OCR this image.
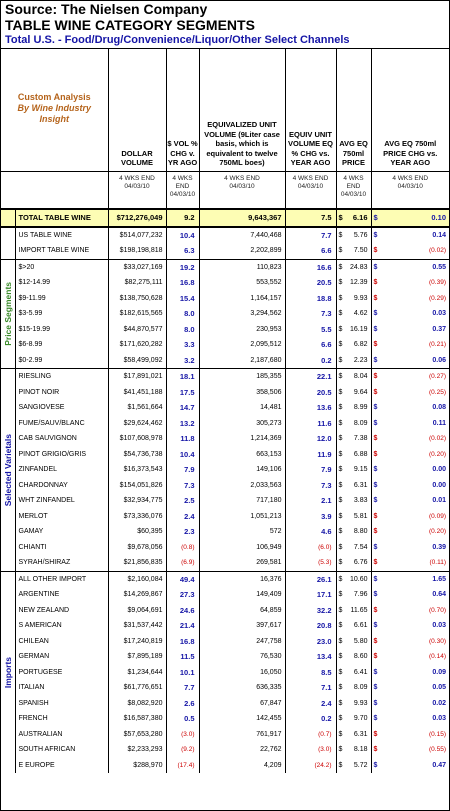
Source: The Nielsen Company
TABLE WINE CATEGORY SEGMENTS
Total U.S. - Food/Drug/Convenience/Liquor/Other Select Channels
Custom Analysis
By Wine Industry
Insight		DOLLAR VOLUME	$ VOL % CHG v. YR AGO	EQUIVALIZED UNIT VOLUME (9Liter case basis, which is equivalent to twelve 750ML boes)	EQUIV UNIT VOLUME EQ % CHG vs. YEAR AGO	AVG EQ 750ml PRICE	AVG EQ 750ml PRICE CHG vs. YEAR AGO

		4 WKS END 04/03/10	4 WKS END 04/03/10	4 WKS END 04/03/10	4 WKS END 04/03/10	4 WKS END 04/03/10	4 WKS END 04/03/10

	TOTAL TABLE WINE	$712,276,049	9.2	9,643,367	7.5	$ 6.16	$ 0.10

	US TABLE WINE	$514,077,232	10.4	7,440,468	7.7	$ 5.76	$ 0.14

	IMPORT TABLE WINE	$198,198,818	6.3	2,202,899	6.6	$ 7.50	$ (0.02)

Price Segments	$>20	$33,027,169	19.2	110,823	16.6	$ 24.83	$ 0.55

	$12-14.99	$82,275,111	16.8	553,552	20.5	$ 12.39	$ (0.39)

	$9-11.99	$138,750,628	15.4	1,164,157	18.8	$ 9.93	$ (0.29)

	$3-5.99	$182,615,565	8.0	3,294,562	7.3	$ 4.62	$ 0.03

	$15-19.99	$44,870,577	8.0	230,953	5.5	$ 16.19	$ 0.37

	$6-8.99	$171,620,282	3.3	2,095,512	6.6	$ 6.82	$ (0.21)

	$0-2.99	$58,499,092	3.2	2,187,680	0.2	$ 2.23	$ 0.06

Selected Varietals	RIESLING	$17,891,021	18.1	185,355	22.1	$ 8.04	$ (0.27)

	PINOT NOIR	$41,451,188	17.5	358,506	20.5	$ 9.64	$ (0.25)

	SANGIOVESE	$1,561,664	14.7	14,481	13.6	$ 8.99	$ 0.08

	FUME/SAUV/BLANC	$29,624,462	13.2	305,273	11.6	$ 8.09	$ 0.11

	CAB SAUVIGNON	$107,608,978	11.8	1,214,369	12.0	$ 7.38	$ (0.02)

	PINOT GRIGIO/GRIS	$54,736,738	10.4	663,153	11.9	$ 6.88	$ (0.20)

	ZINFANDEL	$16,373,543	7.9	149,106	7.9	$ 9.15	$ 0.00

	CHARDONNAY	$154,051,826	7.3	2,033,563	7.3	$ 6.31	$ 0.00

	WHT ZINFANDEL	$32,934,775	2.5	717,180	2.1	$ 3.83	$ 0.01

	MERLOT	$73,336,076	2.4	1,051,213	3.9	$ 5.81	$ (0.09)

	GAMAY	$60,395	2.3	572	4.6	$ 8.80	$ (0.20)

	CHIANTI	$9,678,056	(0.8)	106,949	(6.0)	$ 7.54	$ 0.39

	SYRAH/SHIRAZ	$21,856,835	(6.9)	269,581	(5.3)	$ 6.76	$ (0.11)

Imports	ALL OTHER IMPORT	$2,160,084	49.4	16,376	26.1	$ 10.60	$ 1.65

	ARGENTINE	$14,269,867	27.3	149,409	17.1	$ 7.96	$ 0.64

	NEW ZEALAND	$9,064,691	24.6	64,859	32.2	$ 11.65	$ (0.70)

	S AMERICAN	$31,537,442	21.4	397,617	20.8	$ 6.61	$ 0.03

	CHILEAN	$17,240,819	16.8	247,758	23.0	$ 5.80	$ (0.30)

	GERMAN	$7,895,189	11.5	76,530	13.4	$ 8.60	$ (0.14)

	PORTUGESE	$1,234,644	10.1	16,050	8.5	$ 6.41	$ 0.09

	ITALIAN	$61,776,651	7.7	636,335	7.1	$ 8.09	$ 0.05

	SPANISH	$8,082,920	2.6	67,847	2.4	$ 9.93	$ 0.02

	FRENCH	$16,587,380	0.5	142,455	0.2	$ 9.70	$ 0.03

	AUSTRALIAN	$57,653,280	(3.0)	761,917	(0.7)	$ 6.31	$ (0.15)

	SOUTH AFRICAN	$2,233,293	(9.2)	22,762	(3.0)	$ 8.18	$ (0.55)

	E EUROPE	$288,970	(17.4)	4,209	(24.2)	$ 5.72	$ 0.47
